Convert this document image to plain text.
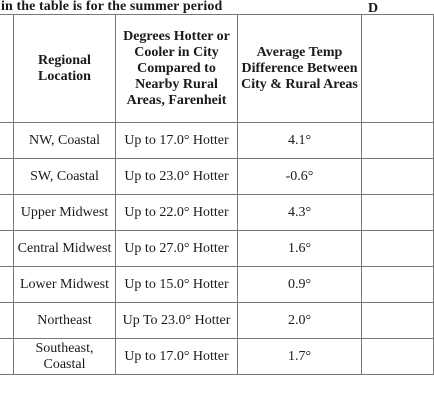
in the table is for the summer period
	Regional Location	Degrees Hotter or Cooler in City Compared to Nearby Rural Areas, Farenheit	Average Temp Difference Between City & Rural Areas	D

	NW, Coastal	Up to 17.0° Hotter	4.1°	
	SW, Coastal	Up to 23.0° Hotter	-0.6°	
	Upper Midwest	Up to 22.0° Hotter	4.3°	
	Central Midwest	Up to 27.0° Hotter	1.6°	
	Lower Midwest	Up to 15.0° Hotter	0.9°	
	Northeast	Up To 23.0° Hotter	2.0°	
	Southeast, Coastal	Up to 17.0° Hotter	1.7°	
